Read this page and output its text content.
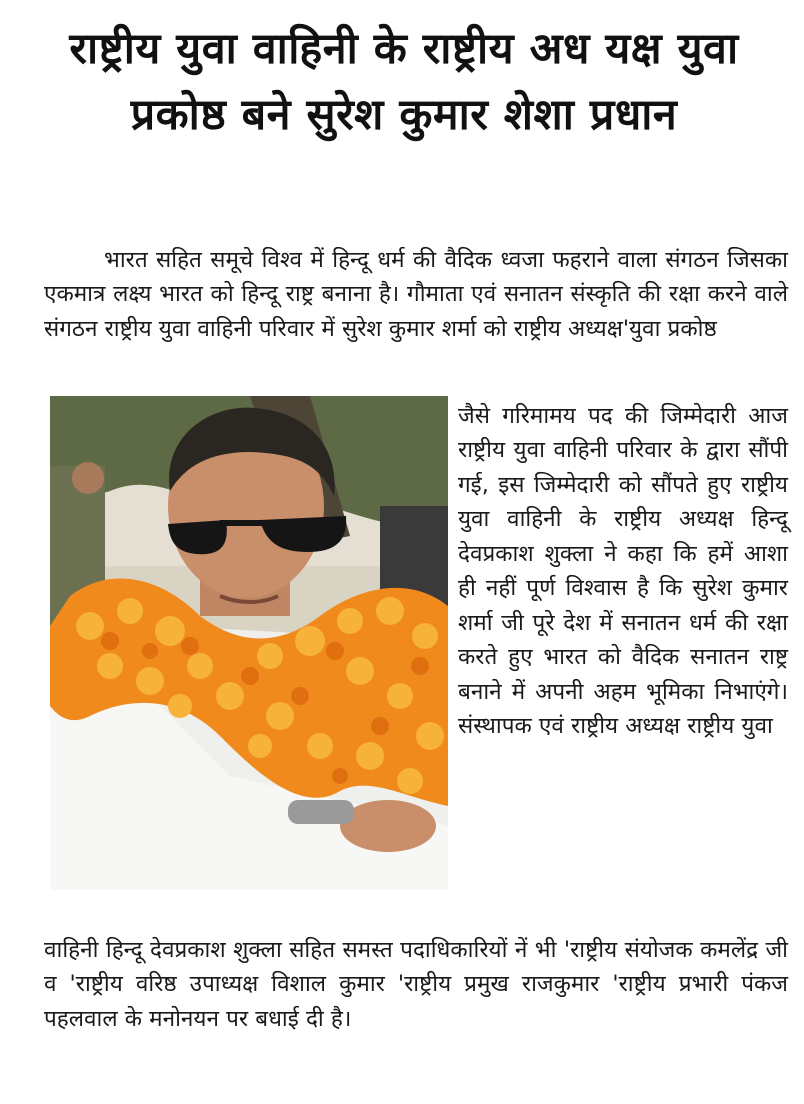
राष्ट्रीय युवा वाहिनी के राष्ट्रीय अध यक्ष युवा प्रकोष्ठ बने सुरेश कुमार शेशा प्रधान

भारत सहित समूचे विश्व में हिन्दू धर्म की वैदिक ध्वजा फहराने वाला संगठन जिसका एकमात्र लक्ष्य भारत को हिन्दू राष्ट्र बनाना है। गौमाता एवं सनातन संस्कृति की रक्षा करने वाले संगठन राष्ट्रीय युवा वाहिनी परिवार में सुरेश कुमार शर्मा को राष्ट्रीय अध्यक्ष'युवा प्रकोष्ठ

जैसे गरिमामय पद की जिम्मेदारी आज राष्ट्रीय युवा वाहिनी परिवार के द्वारा सौंपी गई, इस जिम्मेदारी को सौंपते हुए राष्ट्रीय युवा वाहिनी के राष्ट्रीय अध्यक्ष हिन्दू देवप्रकाश शुक्ला ने कहा कि हमें आशा ही नहीं पूर्ण विश्वास है कि सुरेश कुमार शर्मा जी पूरे देश में सनातन धर्म की रक्षा करते हुए भारत को वैदिक सनातन राष्ट्र बनाने में अपनी अहम भूमिका निभाएंगे। संस्थापक एवं राष्ट्रीय अध्यक्ष राष्ट्रीय युवा

वाहिनी हिन्दू देवप्रकाश शुक्ला सहित समस्त पदाधिकारियों नें भी 'राष्ट्रीय संयोजक कमलेंद्र जी व 'राष्ट्रीय वरिष्ठ उपाध्यक्ष विशाल कुमार 'राष्ट्रीय प्रमुख राजकुमार 'राष्ट्रीय प्रभारी पंकज पहलवाल के मनोनयन पर बधाई दी है।
